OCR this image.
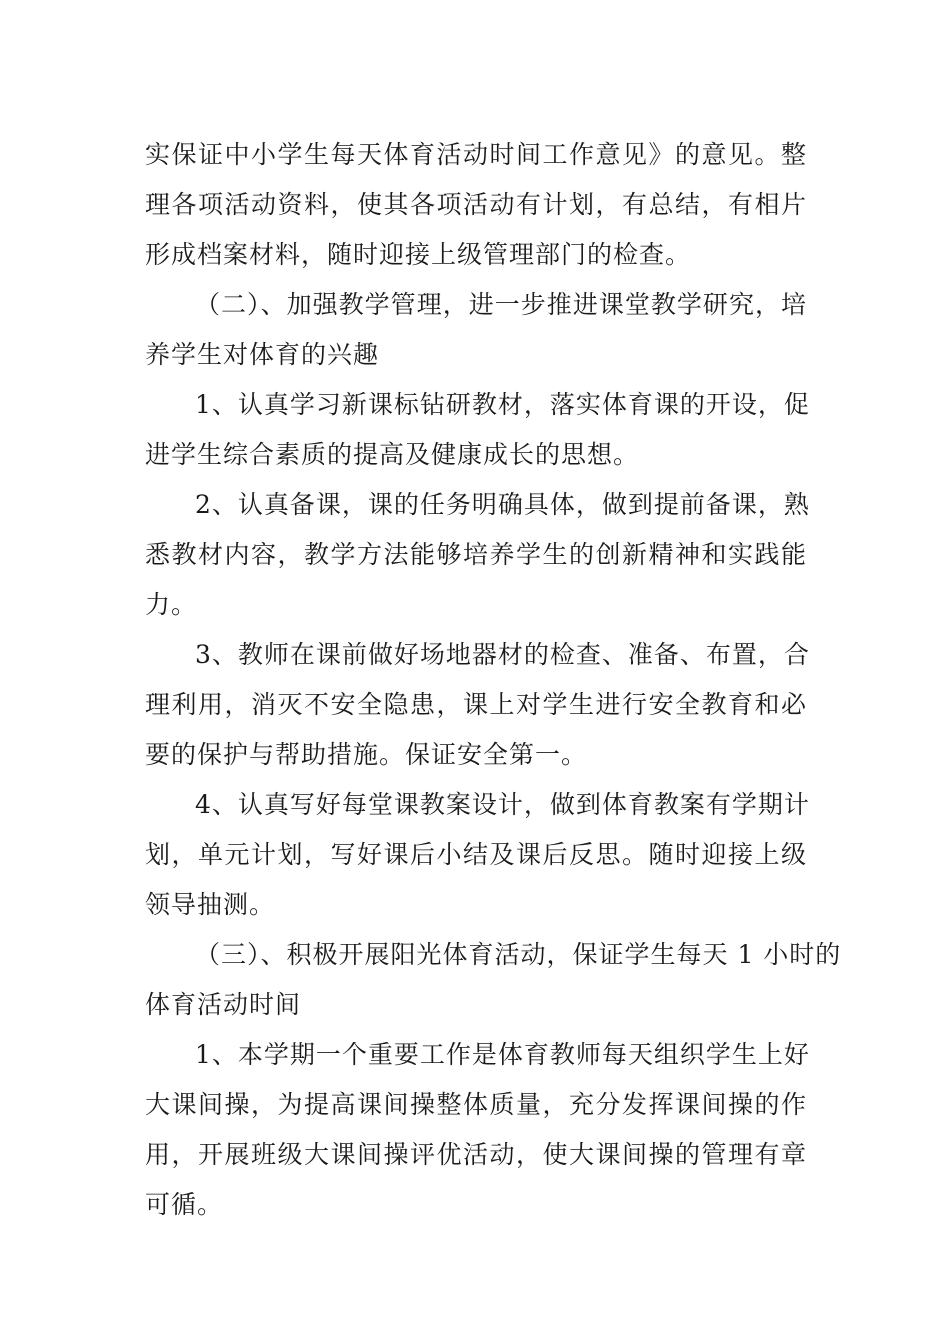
实保证中小学生每天体育活动时间工作意见》的意见。整
理各项活动资料，使其各项活动有计划，有总结，有相片
形成档案材料，随时迎接上级管理部门的检查。

（二）、加强教学管理，进一步推进课堂教学研究，培
养学生对体育的兴趣

1、认真学习新课标钻研教材，落实体育课的开设，促
进学生综合素质的提高及健康成长的思想。

2、认真备课，课的任务明确具体，做到提前备课，熟
悉教材内容，教学方法能够培养学生的创新精神和实践能
力。

3、教师在课前做好场地器材的检查、准备、布置，合
理利用，消灭不安全隐患，课上对学生进行安全教育和必
要的保护与帮助措施。保证安全第一。

4、认真写好每堂课教案设计，做到体育教案有学期计
划，单元计划，写好课后小结及课后反思。随时迎接上级
领导抽测。

（三）、积极开展阳光体育活动，保证学生每天 1 小时的
体育活动时间

1、本学期一个重要工作是体育教师每天组织学生上好
大课间操，为提高课间操整体质量，充分发挥课间操的作
用，开展班级大课间操评优活动，使大课间操的管理有章
可循。
